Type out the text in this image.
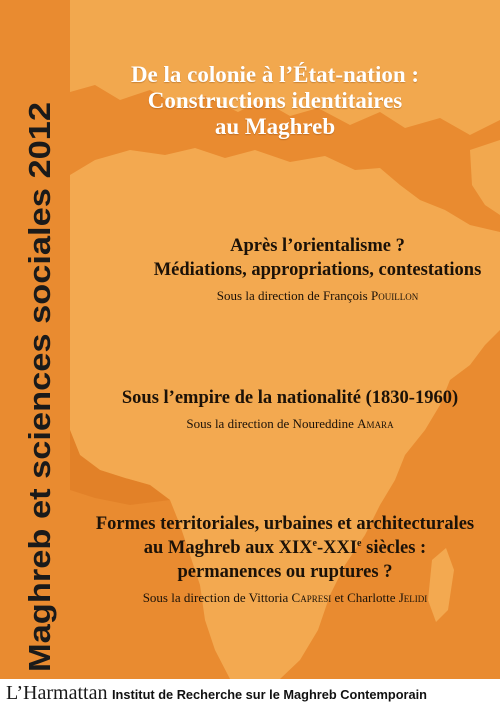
Maghreb et sciences sociales 2012
De la colonie à l’État-nation :
Constructions identitaires
au Maghreb
Après l’orientalisme ?
Médiations, appropriations, contestations
Sous la direction de François Pouillon
Sous l’empire de la nationalité (1830-1960)
Sous la direction de Noureddine Amara
Formes territoriales, urbaines et architecturales
au Maghreb aux XIXe-XXIe siècles :
permanences ou ruptures ?
Sous la direction de Vittoria Capresi et Charlotte Jelidi
L’Harmattan Institut de Recherche sur le Maghreb Contemporain
